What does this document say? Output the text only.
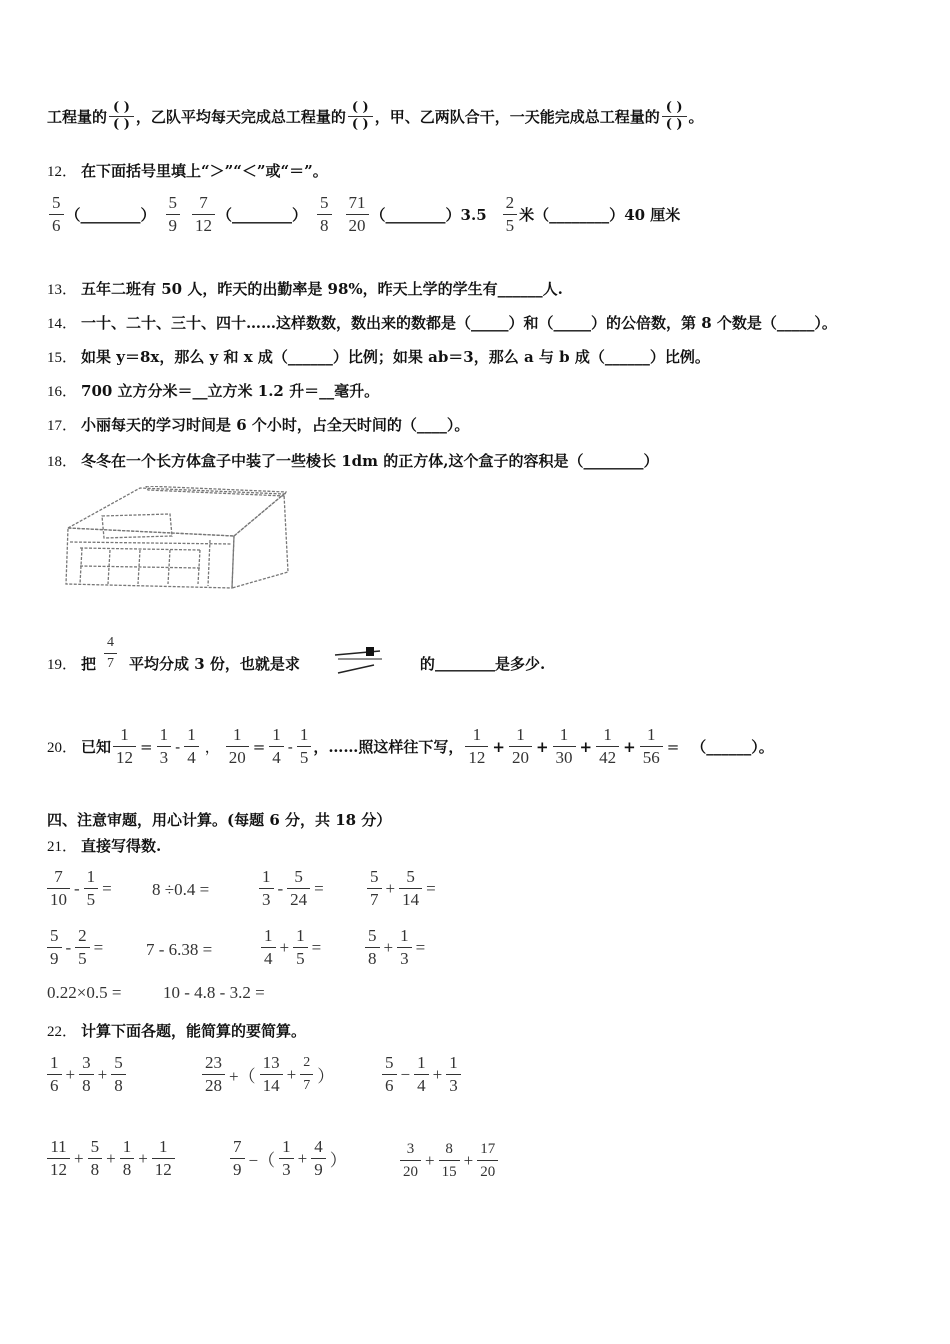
工程量的
( )
( ) ，乙队平均每天完成总工程量的
( )
( ) ，甲、乙两队合干，一天能完成总工程量的
( )
( ) 。
12． 在下面括号里填上“＞”“＜”或“＝”。
$\frac{5}{6}$ （________） $\frac{5}{9} \frac{7}{12}$ （________） $\frac{5}{8} \frac{71}{20}$ （________） $3.5 \frac{2}{5}$ 米 （________） 40 厘米
13． 五年二班有 50 人，昨天的出勤率是 98%，昨天上学的学生有______人.
14． 一十、二十、三十、四十……这样数数，数出来的数都是（_____）和（_____）的公倍数，第 8 个数是（_____）。
15． 如果 y＝8x，那么 y 和 x 成（______）比例；如果 ab＝3，那么 a 与 b 成（______）比例。
16． 700 立方分米＝__立方米 1.2 升＝__毫升。
17． 小丽每天的学习时间是 6 个小时，占全天时间的（____）。
18． 冬冬在一个长方体盒子中装了一些棱长 1dm 的正方体,这个盒子的容积是（________）
19． 把 $\frac{4}{7}$ 平均分成 3 份，也就是求	的 ________ 是多少.
20． 已知 $\frac{1}{12} = \frac{1}{3} - \frac{1}{4}$ ， $\frac{1}{20} = \frac{1}{4} - \frac{1}{5}$ ，……照这样往下写， $\frac{1}{12} + \frac{1}{20} + \frac{1}{30} + \frac{1}{42} + \frac{1}{56}$ = （______）。
四、注意审题，用心计算。(每题 6 分，共 18 分）
21． 直接写得数.
$\frac{7}{10} - \frac{1}{5} = 8 \div 0.4$ =	$\frac{1}{3} - \frac{5}{24}$ =	$\frac{5}{7} + \frac{5}{14}$ =
$\frac{5}{9} - \frac{2}{5}$ =	7 - 6.38 =	$\frac{1}{4} + \frac{1}{5}$ =	$\frac{5}{8} + \frac{1}{3}$ =
0.22×0.5 = 10 - 4.8 - 3.2 =
22． 计算下面各题，能简算的要简算。
$\frac{1}{6} + \frac{3}{8} + \frac{5}{8}$	$\frac{23}{28}$ +（ $\frac{13}{14} + \frac{2}{7}$ ）	$\frac{5}{6} - \frac{1}{4} + \frac{1}{3}$
$\frac{11}{12} + \frac{5}{8} + \frac{1}{8} + \frac{1}{12}$	$\frac{7}{9}$ −（ $\frac{1}{3} + \frac{4}{9}$ ）	$\frac{3}{20} + \frac{8}{15} + \frac{17}{20}$
